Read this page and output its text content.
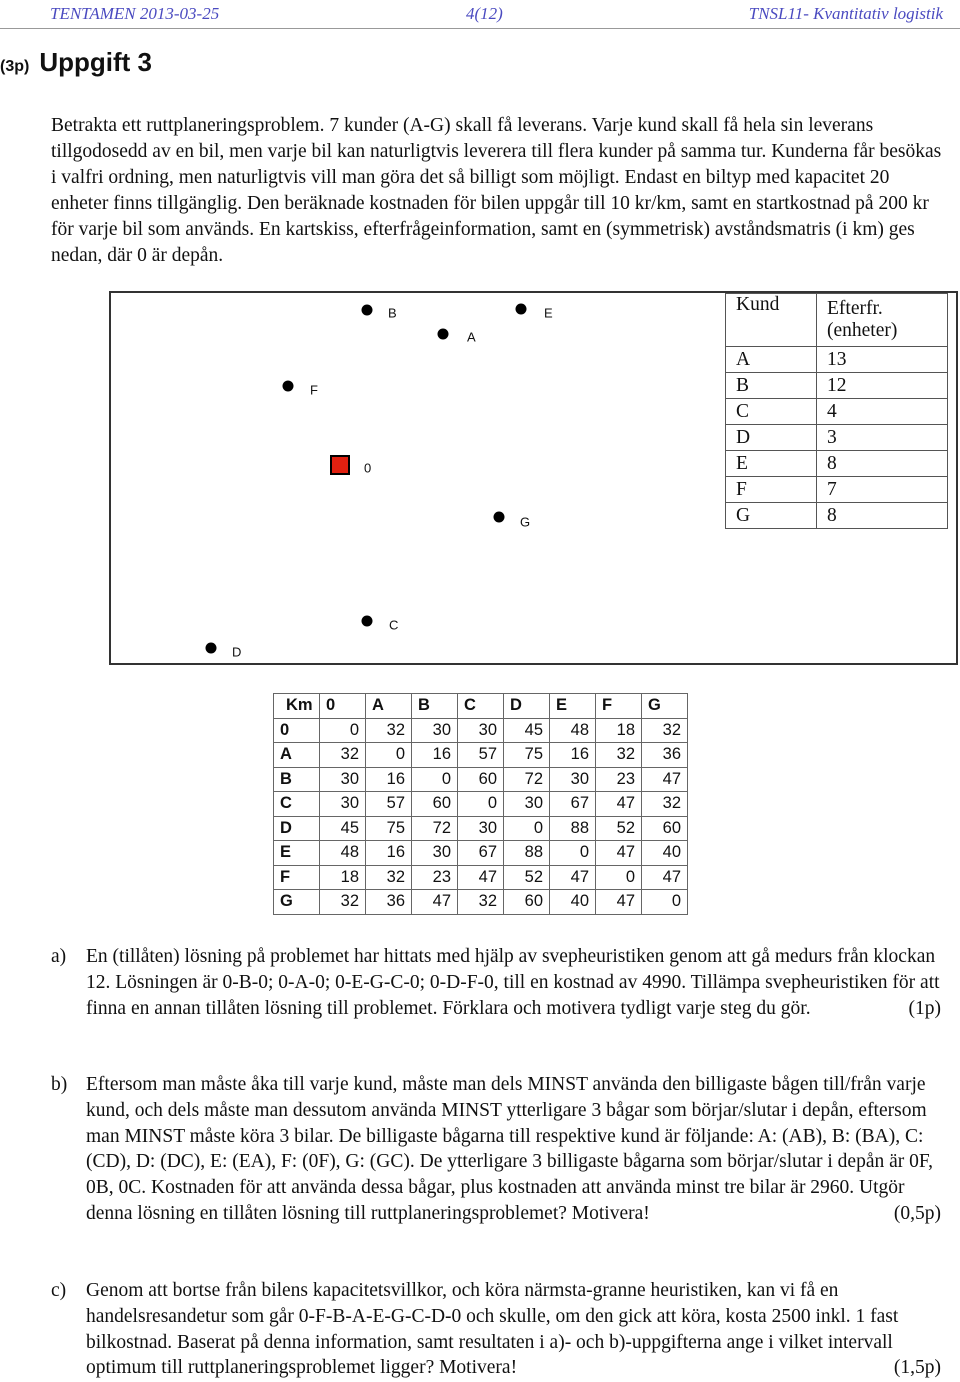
TENTAMEN 2013-03-25	4(12)	TNSL11- Kvantitativ logistik
(3p) Uppgift 3

Betrakta ett ruttplaneringsproblem. 7 kunder (A-G) skall få leverans. Varje kund skall få hela sin leverans tillgodosedd av en bil, men varje bil kan naturligtvis leverera till flera kunder på samma tur. Kunderna får besökas i valfri ordning, men naturligtvis vill man göra det så billigt som möjligt. Endast en biltyp med kapacitet 20 enheter finns tillgänglig. Den beräknade kostnaden för bilen uppgår till 10 kr/km, samt en startkostnad på 200 kr för varje bil som används. En kartskiss, efterfrågeinformation, samt en (symmetrisk) avståndsmatris (i km) ges nedan, där 0 är depån.

B	E
A
F
0
G
C
D
Kund	Efterfr. (enheter)
A	13
B	12
C	4
D	3
E	8
F	7
G	8
Km	0	A	B	C	D	E	F	G
0	0	32	30	30	45	48	18	32
A	32	0	16	57	75	16	32	36
B	30	16	0	60	72	30	23	47
C	30	57	60	0	30	67	47	32
D	45	75	72	30	0	88	52	60
E	48	16	30	67	88	0	47	40
F	18	32	23	47	52	47	0	47
G	32	36	47	32	60	40	47	0
a) En (tillåten) lösning på problemet har hittats med hjälp av svepheuristiken genom att gå medurs från klockan 12. Lösningen är 0-B-0; 0-A-0; 0-E-G-C-0; 0-D-F-0, till en kostnad av 4990. Tillämpa svepheuristiken för att finna en annan tillåten lösning till problemet. Förklara och motivera tydligt varje steg du gör.	(1p)
b) Eftersom man måste åka till varje kund, måste man dels MINST använda den billigaste bågen till/från varje kund, och dels måste man dessutom använda MINST ytterligare 3 bågar som börjar/slutar i depån, eftersom man MINST måste köra 3 bilar. De billigaste bågarna till respektive kund är följande: A: (AB), B: (BA), C: (CD), D: (DC), E: (EA), F: (0F), G: (GC). De ytterligare 3 billigaste bågarna som börjar/slutar i depån är 0F, 0B, 0C. Kostnaden för att använda dessa bågar, plus kostnaden att använda minst tre bilar är 2960. Utgör denna lösning en tillåten lösning till ruttplaneringsproblemet? Motivera!	(0,5p)
c) Genom att bortse från bilens kapacitetsvillkor, och köra närmsta-granne heuristiken, kan vi få en handelsresandetur som går 0-F-B-A-E-G-C-D-0 och skulle, om den gick att köra, kosta 2500 inkl. 1 fast bilkostnad. Baserat på denna information, samt resultaten i a)- och b)-uppgifterna ange i vilket intervall optimum till ruttplaneringsproblemet ligger? Motivera!	(1,5p)
